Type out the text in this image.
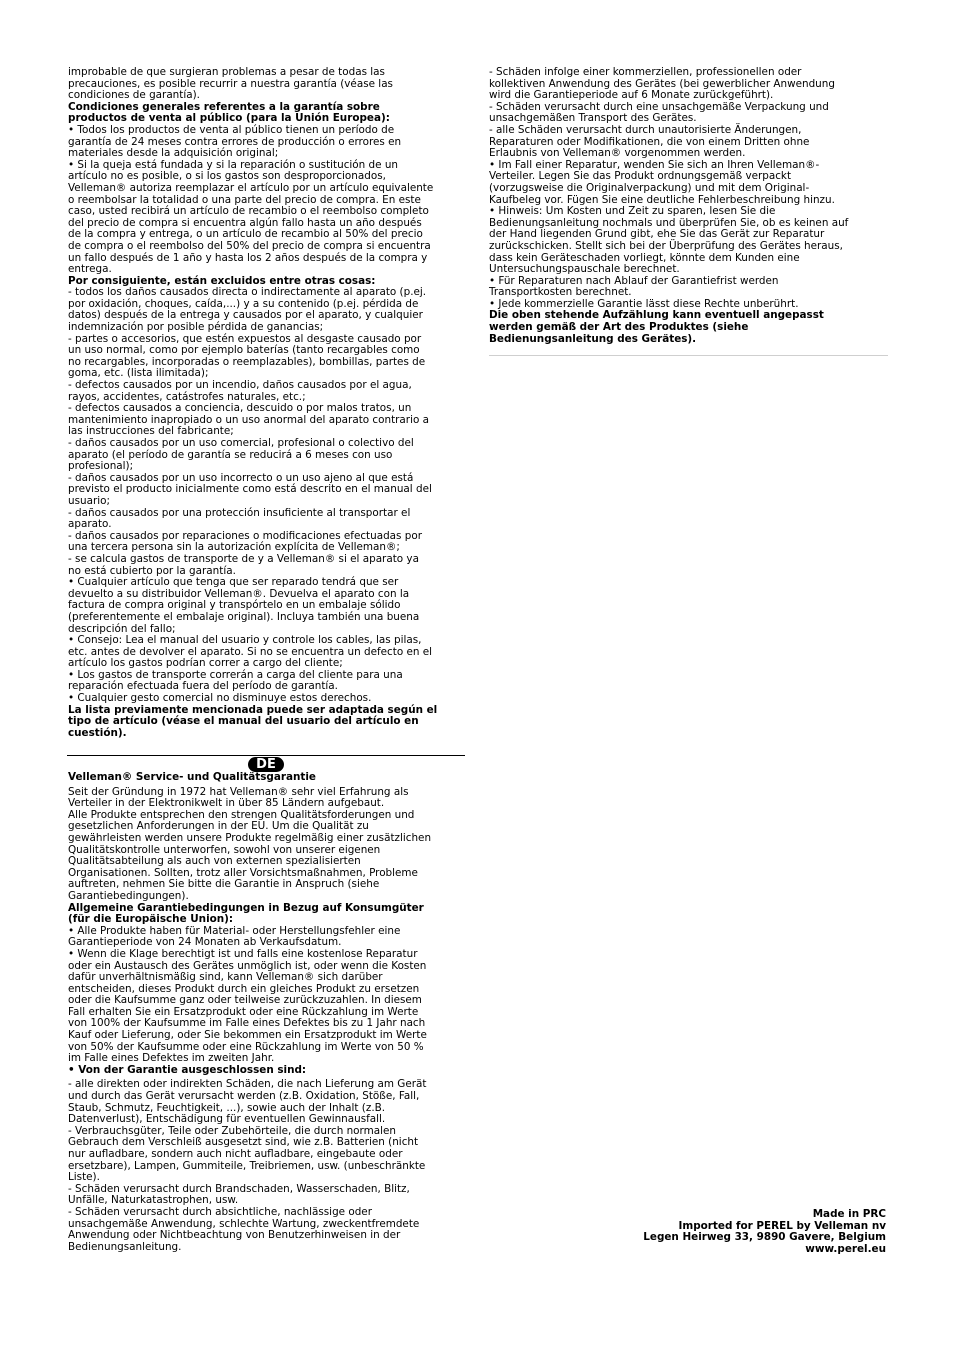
improbable de que surgieran problemas a pesar de todas las
precauciones, es posible recurrir a nuestra garantía (véase las
condiciones de garantía).

Condiciones generales referentes a la garantía sobre
productos de venta al público (para la Unión Europea):

• Todos los productos de venta al público tienen un período de
garantía de 24 meses contra errores de producción o errores en
materiales desde la adquisición original;
• Si la queja está fundada y si la reparación o sustitución de un
artículo no es posible, o si los gastos son desproporcionados,
Velleman® autoriza reemplazar el artículo por un artículo equivalente
o reembolsar la totalidad o una parte del precio de compra. En este
caso, usted recibirá un artículo de recambio o el reembolso completo
del precio de compra si encuentra algún fallo hasta un año después
de la compra y entrega, o un artículo de recambio al 50% del precio
de compra o el reembolso del 50% del precio de compra si encuentra
un fallo después de 1 año y hasta los 2 años después de la compra y
entrega.

Por consiguiente, están excluidos entre otras cosas:

- todos los daños causados directa o indirectamente al aparato (p.ej.
por oxidación, choques, caída,...) y a su contenido (p.ej. pérdida de
datos) después de la entrega y causados por el aparato, y cualquier
indemnización por posible pérdida de ganancias;
- partes o accesorios, que estén expuestos al desgaste causado por
un uso normal, como por ejemplo baterías (tanto recargables como
no recargables, incorporadas o reemplazables), bombillas, partes de
goma, etc. (lista ilimitada);
- defectos causados por un incendio, daños causados por el agua,
rayos, accidentes, catástrofes naturales, etc.;
- defectos causados a conciencia, descuido o por malos tratos, un
mantenimiento inapropiado o un uso anormal del aparato contrario a
las instrucciones del fabricante;
- daños causados por un uso comercial, profesional o colectivo del
aparato (el período de garantía se reducirá a 6 meses con uso
profesional);
- daños causados por un uso incorrecto o un uso ajeno al que está
previsto el producto inicialmente como está descrito en el manual del
usuario;
- daños causados por una protección insuficiente al transportar el
aparato.
- daños causados por reparaciones o modificaciones efectuadas por
una tercera persona sin la autorización explícita de Velleman®;
- se calcula gastos de transporte de y a Velleman® si el aparato ya
no está cubierto por la garantía.
• Cualquier artículo que tenga que ser reparado tendrá que ser
devuelto a su distribuidor Velleman®. Devuelva el aparato con la
factura de compra original y transpórtelo en un embalaje sólido
(preferentemente el embalaje original). Incluya también una buena
descripción del fallo;
• Consejo: Lea el manual del usuario y controle los cables, las pilas,
etc. antes de devolver el aparato. Si no se encuentra un defecto en el
artículo los gastos podrían correr a cargo del cliente;
• Los gastos de transporte correrán a carga del cliente para una
reparación efectuada fuera del período de garantía.
• Cualquier gesto comercial no disminuye estos derechos.

La lista previamente mencionada puede ser adaptada según el
tipo de artículo (véase el manual del usuario del artículo en
cuestión).

DE

Velleman® Service- und Qualitätsgarantie

Seit der Gründung in 1972 hat Velleman® sehr viel Erfahrung als
Verteiler in der Elektronikwelt in über 85 Ländern aufgebaut.
Alle Produkte entsprechen den strengen Qualitätsforderungen und
gesetzlichen Anforderungen in der EU. Um die Qualität zu
gewährleisten werden unsere Produkte regelmäßig einer zusätzlichen
Qualitätskontrolle unterworfen, sowohl von unserer eigenen
Qualitätsabteilung als auch von externen spezialisierten
Organisationen. Sollten, trotz aller Vorsichtsmaßnahmen, Probleme
auftreten, nehmen Sie bitte die Garantie in Anspruch (siehe
Garantiebedingungen).

Allgemeine Garantiebedingungen in Bezug auf Konsumgüter
(für die Europäische Union):

• Alle Produkte haben für Material- oder Herstellungsfehler eine
Garantieperiode von 24 Monaten ab Verkaufsdatum.
• Wenn die Klage berechtigt ist und falls eine kostenlose Reparatur
oder ein Austausch des Gerätes unmöglich ist, oder wenn die Kosten
dafür unverhältnismäßig sind, kann Velleman® sich darüber
entscheiden, dieses Produkt durch ein gleiches Produkt zu ersetzen
oder die Kaufsumme ganz oder teilweise zurückzuzahlen. In diesem
Fall erhalten Sie ein Ersatzprodukt oder eine Rückzahlung im Werte
von 100% der Kaufsumme im Falle eines Defektes bis zu 1 Jahr nach
Kauf oder Lieferung, oder Sie bekommen ein Ersatzprodukt im Werte
von 50% der Kaufsumme oder eine Rückzahlung im Werte von 50 %
im Falle eines Defektes im zweiten Jahr.

• Von der Garantie ausgeschlossen sind:

- alle direkten oder indirekten Schäden, die nach Lieferung am Gerät
und durch das Gerät verursacht werden (z.B. Oxidation, Stöße, Fall,
Staub, Schmutz, Feuchtigkeit, ...), sowie auch der Inhalt (z.B.
Datenverlust), Entschädigung für eventuellen Gewinnausfall.
- Verbrauchsgüter, Teile oder Zubehörteile, die durch normalen
Gebrauch dem Verschleiß ausgesetzt sind, wie z.B. Batterien (nicht
nur aufladbare, sondern auch nicht aufladbare, eingebaute oder
ersetzbare), Lampen, Gummiteile, Treibriemen, usw. (unbeschränkte
Liste).
- Schäden verursacht durch Brandschaden, Wasserschaden, Blitz,
Unfälle, Naturkatastrophen, usw.
- Schäden verursacht durch absichtliche, nachlässige oder
unsachgemäße Anwendung, schlechte Wartung, zweckentfremdete
Anwendung oder Nichtbeachtung von Benutzerhinweisen in der
Bedienungsanleitung.

- Schäden infolge einer kommerziellen, professionellen oder
kollektiven Anwendung des Gerätes (bei gewerblicher Anwendung
wird die Garantieperiode auf 6 Monate zurückgeführt).
- Schäden verursacht durch eine unsachgemäße Verpackung und
unsachgemäßen Transport des Gerätes.
- alle Schäden verursacht durch unautorisierte Änderungen,
Reparaturen oder Modifikationen, die von einem Dritten ohne
Erlaubnis von Velleman® vorgenommen werden.
• Im Fall einer Reparatur, wenden Sie sich an Ihren Velleman®-
Verteiler. Legen Sie das Produkt ordnungsgemäß verpackt
(vorzugsweise die Originalverpackung) und mit dem Original-
Kaufbeleg vor. Fügen Sie eine deutliche Fehlerbeschreibung hinzu.
• Hinweis: Um Kosten und Zeit zu sparen, lesen Sie die
Bedienungsanleitung nochmals und überprüfen Sie, ob es keinen auf
der Hand liegenden Grund gibt, ehe Sie das Gerät zur Reparatur
zurückschicken. Stellt sich bei der Überprüfung des Gerätes heraus,
dass kein Geräteschaden vorliegt, könnte dem Kunden eine
Untersuchungspauschale berechnet.
• Für Reparaturen nach Ablauf der Garantiefrist werden
Transportkosten berechnet.
• Jede kommerzielle Garantie lässt diese Rechte unberührt.

Die oben stehende Aufzählung kann eventuell angepasst
werden gemäß der Art des Produktes (siehe
Bedienungsanleitung des Gerätes).

Made in PRC
Imported for PEREL by Velleman nv
Legen Heirweg 33, 9890 Gavere, Belgium
www.perel.eu
